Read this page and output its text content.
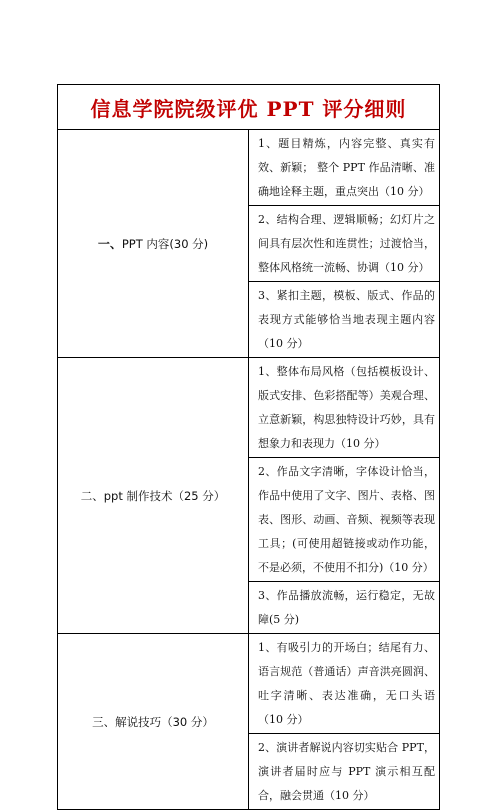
信息学院院级评优 PPT 评分细则	
一、PPT 内容(30 分)	1、题目精炼，内容完整、真实有效、新颖； 整个 PPT 作品清晰、准确地诠释主题，重点突出（10 分）
	2、结构合理、逻辑顺畅；幻灯片之间具有层次性和连贯性；过渡恰当，整体风格统一流畅、协调（10 分）
	3、紧扣主题，模板、版式、作品的表现方式能够恰当地表现主题内容（10 分）
二、ppt 制作技术（25 分）	1、整体布局风格（包括模板设计、版式安排、色彩搭配等）美观合理、立意新颖，构思独特设计巧妙，具有想象力和表现力（10 分）
	2、作品文字清晰，字体设计恰当，作品中使用了文字、图片、表格、图表、图形、动画、音频、视频等表现工具；(可使用超链接或动作功能，不是必须，不使用不扣分)（10 分）
	3、作品播放流畅，运行稳定，无故障(5 分)
三、解说技巧（30 分）	1、有吸引力的开场白；结尾有力、语言规范（普通话）声音洪亮圆润、吐字清晰、表达准确，无口头语（10 分）
	2、演讲者解说内容切实贴合 PPT，演讲者届时应与 PPT 演示相互配合，融会贯通（10 分）
